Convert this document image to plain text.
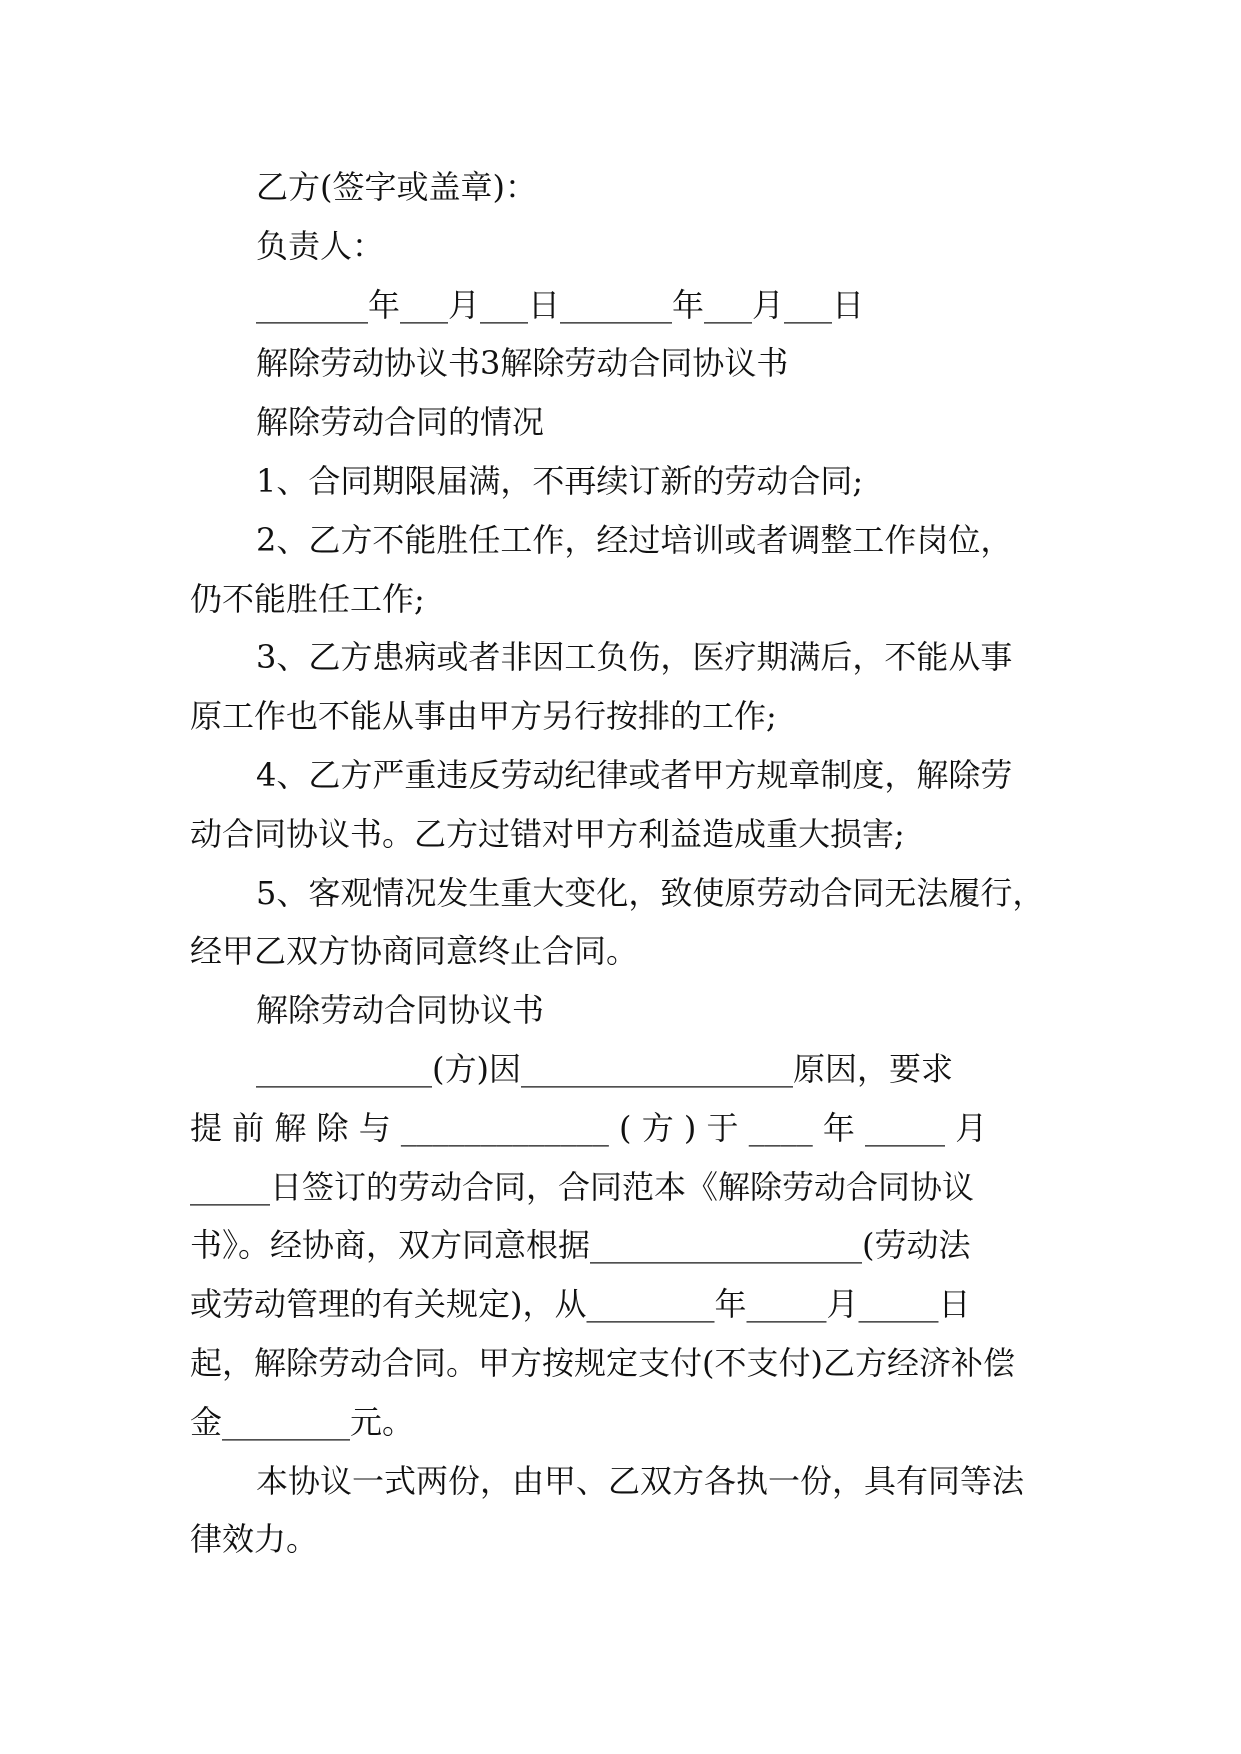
乙方(签字或盖章)：
负责人：
_______年___月___日_______年___月___日
解除劳动协议书3解除劳动合同协议书
解除劳动合同的情况
1、合同期限届满，不再续订新的劳动合同;
2、乙方不能胜任工作，经过培训或者调整工作岗位，
仍不能胜任工作;
3、乙方患病或者非因工负伤，医疗期满后，不能从事
原工作也不能从事由甲方另行按排的工作;
4、乙方严重违反劳动纪律或者甲方规章制度，解除劳
动合同协议书。乙方过错对甲方利益造成重大损害;
5、客观情况发生重大变化，致使原劳动合同无法履行，
经甲乙双方协商同意终止合同。
解除劳动合同协议书
___________(方)因_________________原因，要求
提 前 解 除 与 _____________ ( 方 ) 于 ____ 年 _____ 月
_____日签订的劳动合同，合同范本《解除劳动合同协议
书》。经协商，双方同意根据_________________(劳动法
或劳动管理的有关规定)，从________年_____月_____日
起，解除劳动合同。甲方按规定支付(不支付)乙方经济补偿
金________元。
本协议一式两份，由甲、乙双方各执一份，具有同等法
律效力。
